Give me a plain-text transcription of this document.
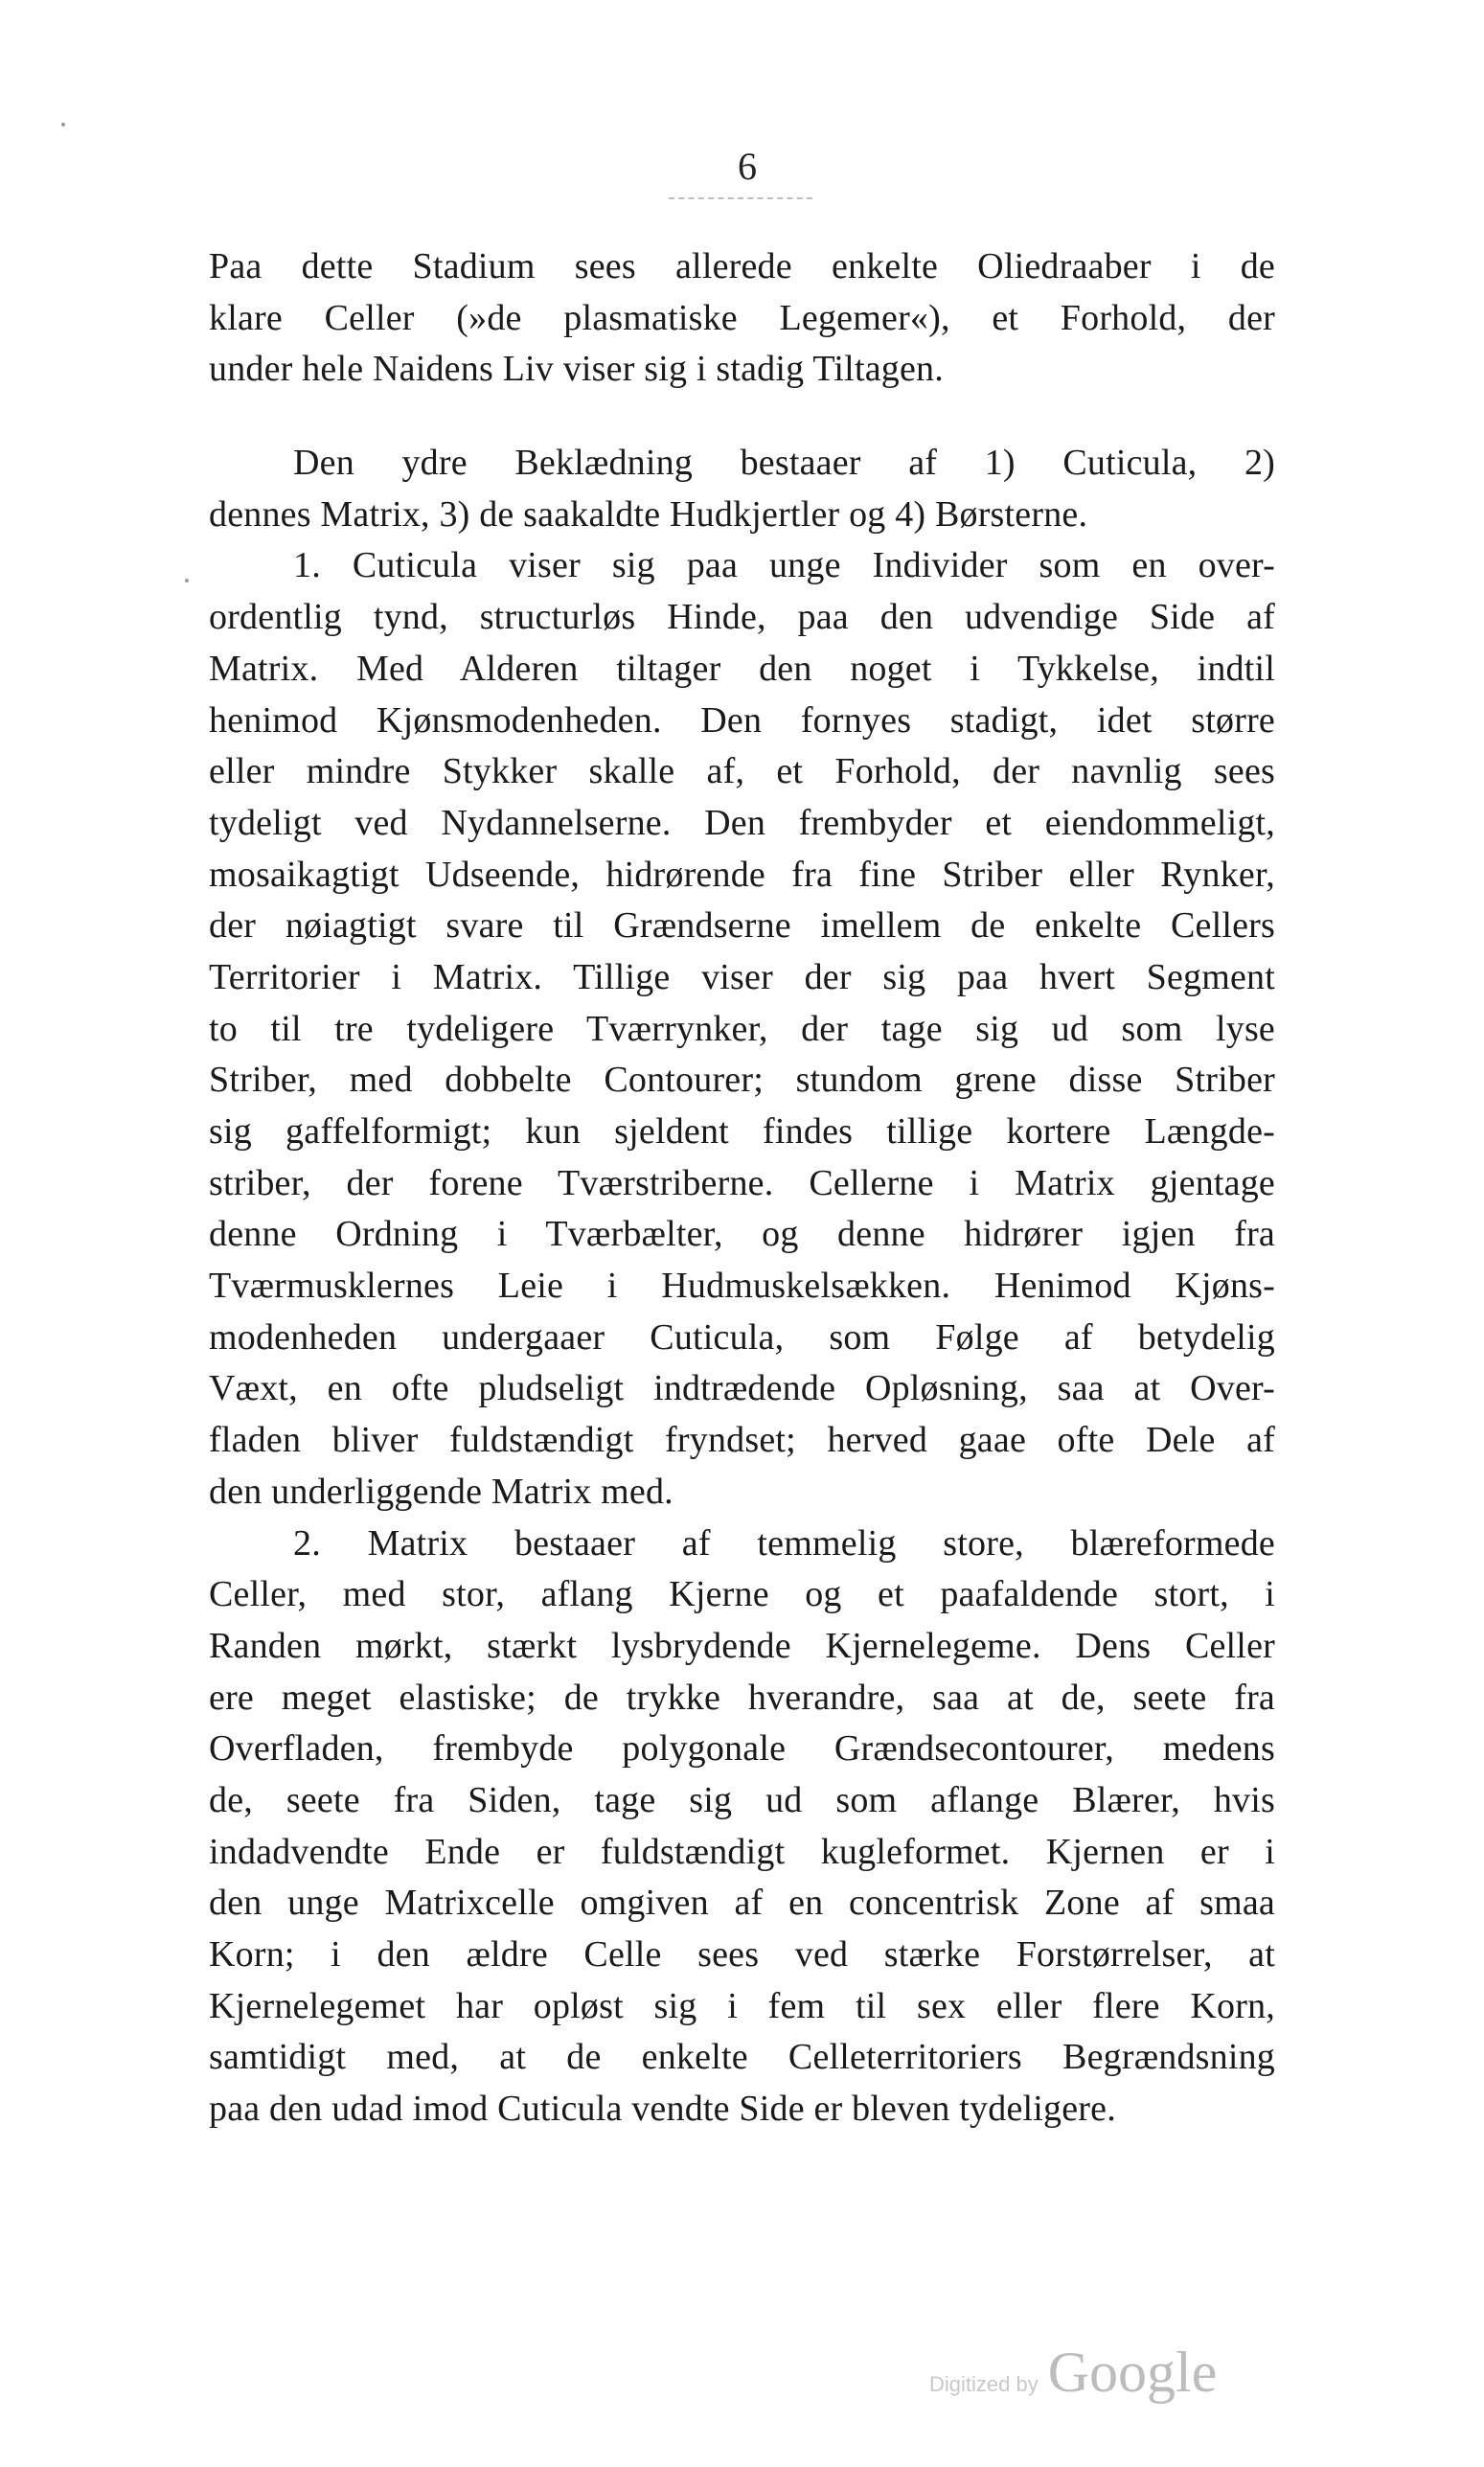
6
Paa dette Stadium sees allerede enkelte Oliedraaber i de
klare Celler (»de plasmatiske Legemer«), et Forhold, der
under hele Naidens Liv viser sig i stadig Tiltagen.
Den ydre Beklædning bestaaer af 1) Cuticula, 2)
dennes Matrix, 3) de saakaldte Hudkjertler og 4) Børsterne.
1. Cuticula viser sig paa unge Individer som en over-
ordentlig tynd, structurløs Hinde, paa den udvendige Side af
Matrix. Med Alderen tiltager den noget i Tykkelse, indtil
henimod Kjønsmodenheden. Den fornyes stadigt, idet større
eller mindre Stykker skalle af, et Forhold, der navnlig sees
tydeligt ved Nydannelserne. Den frembyder et eiendommeligt,
mosaikagtigt Udseende, hidrørende fra fine Striber eller Rynker,
der nøiagtigt svare til Grændserne imellem de enkelte Cellers
Territorier i Matrix. Tillige viser der sig paa hvert Segment
to til tre tydeligere Tværrynker, der tage sig ud som lyse
Striber, med dobbelte Contourer; stundom grene disse Striber
sig gaffelformigt; kun sjeldent findes tillige kortere Længde-
striber, der forene Tværstriberne. Cellerne i Matrix gjentage
denne Ordning i Tværbælter, og denne hidrører igjen fra
Tværmusklernes Leie i Hudmuskelsækken. Henimod Kjøns-
modenheden undergaaer Cuticula, som Følge af betydelig
Væxt, en ofte pludseligt indtrædende Opløsning, saa at Over-
fladen bliver fuldstændigt fryndset; herved gaae ofte Dele af
den underliggende Matrix med.
2. Matrix bestaaer af temmelig store, blæreformede
Celler, med stor, aflang Kjerne og et paafaldende stort, i
Randen mørkt, stærkt lysbrydende Kjernelegeme. Dens Celler
ere meget elastiske; de trykke hverandre, saa at de, seete fra
Overfladen, frembyde polygonale Grændsecontourer, medens
de, seete fra Siden, tage sig ud som aflange Blærer, hvis
indadvendte Ende er fuldstændigt kugleformet. Kjernen er i
den unge Matrixcelle omgiven af en concentrisk Zone af smaa
Korn; i den ældre Celle sees ved stærke Forstørrelser, at
Kjernelegemet har opløst sig i fem til sex eller flere Korn,
samtidigt med, at de enkelte Celleterritoriers Begrændsning
paa den udad imod Cuticula vendte Side er bleven tydeligere.
Digitized by Google
